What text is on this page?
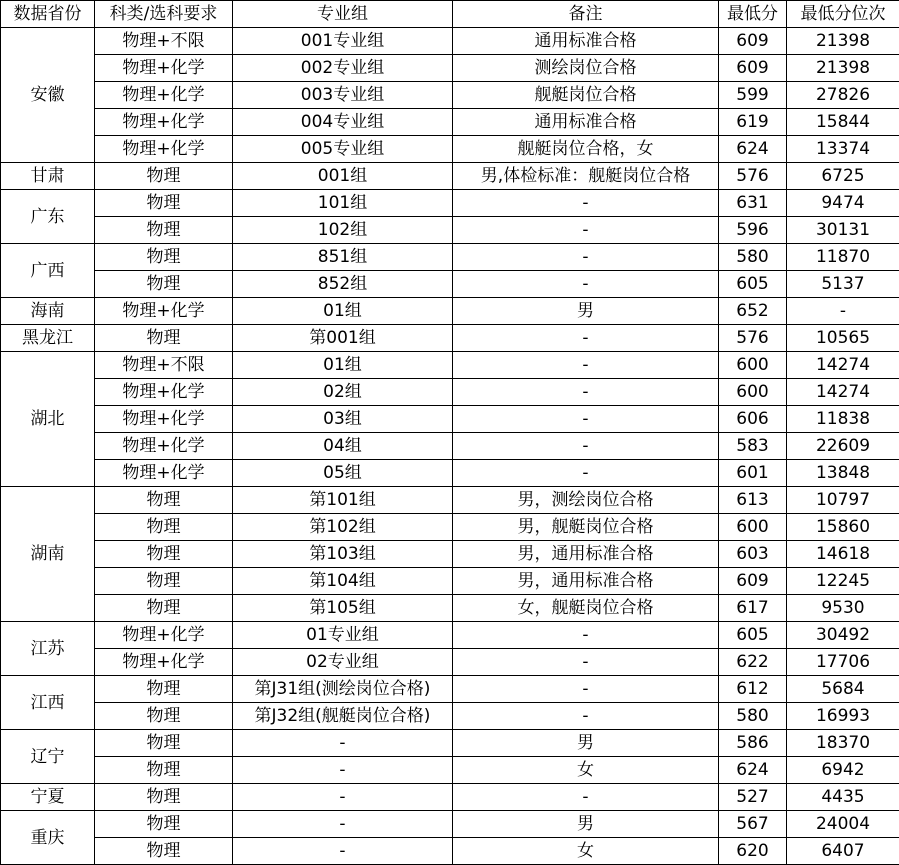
数据省份	科类/选科要求	专业组	备注	最低分	最低分位次
安徽	物理+不限	001专业组	通用标准合格	609	21398
	物理+化学	002专业组	测绘岗位合格	609	21398
	物理+化学	003专业组	舰艇岗位合格	599	27826
	物理+化学	004专业组	通用标准合格	619	15844
	物理+化学	005专业组	舰艇岗位合格，女	624	13374
甘肃	物理	001组	男,体检标准：舰艇岗位合格	576	6725
广东	物理	101组	-	631	9474
	物理	102组	-	596	30131
广西	物理	851组	-	580	11870
	物理	852组	-	605	5137
海南	物理+化学	01组	男	652	-
黑龙江	物理	第001组	-	576	10565
湖北	物理+不限	01组	-	600	14274
	物理+化学	02组	-	600	14274
	物理+化学	03组	-	606	11838
	物理+化学	04组	-	583	22609
	物理+化学	05组	-	601	13848
湖南	物理	第101组	男，测绘岗位合格	613	10797
	物理	第102组	男，舰艇岗位合格	600	15860
	物理	第103组	男，通用标准合格	603	14618
	物理	第104组	男，通用标准合格	609	12245
	物理	第105组	女，舰艇岗位合格	617	9530
江苏	物理+化学	01专业组	-	605	30492
	物理+化学	02专业组	-	622	17706
江西	物理	第J31组(测绘岗位合格)	-	612	5684
	物理	第J32组(舰艇岗位合格)	-	580	16993
辽宁	物理	-	男	586	18370
	物理	-	女	624	6942
宁夏	物理	-	-	527	4435
重庆	物理	-	男	567	24004
	物理	-	女	620	6407
